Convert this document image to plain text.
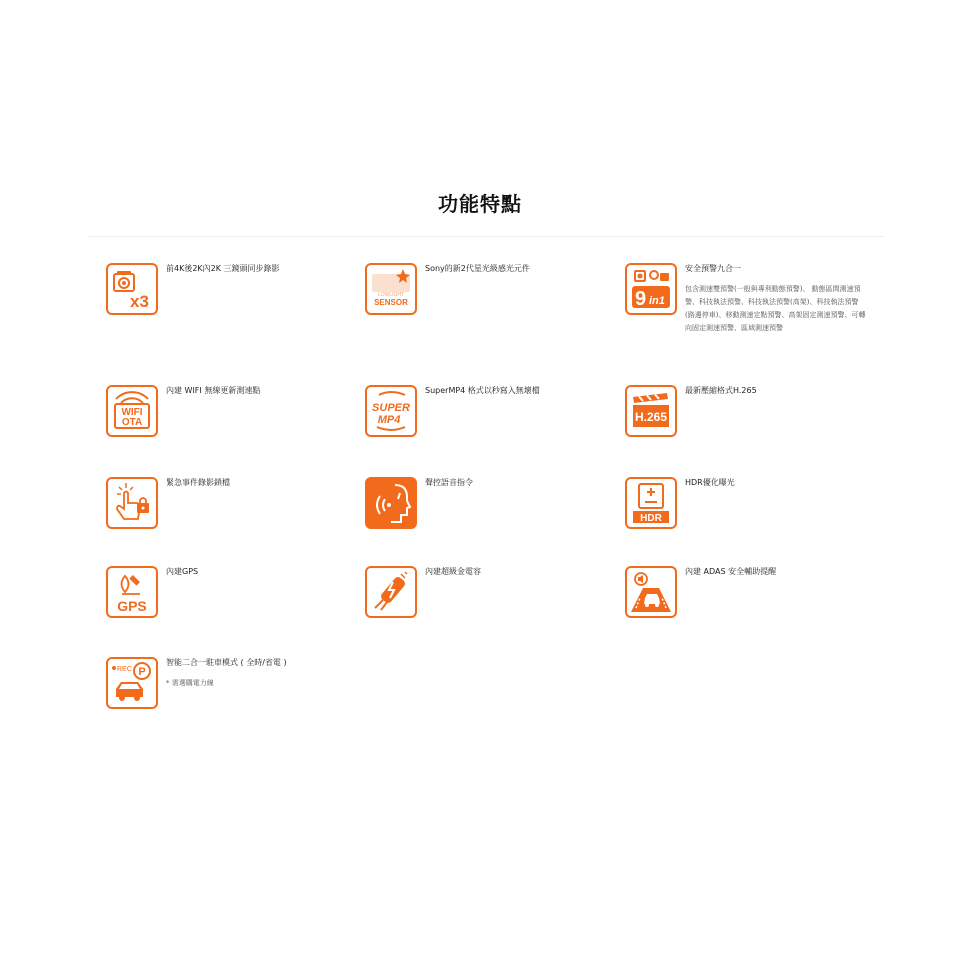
功能特點
x3
前4K後2K內2K 三鏡頭同步錄影
LOWLIGHT
SENSOR
Sony的新2代星光級感光元件
9 in1
安全預警九合一
包含測速雙預警(一般與專利動態預警)、 動態區間測速預警、科技執法預警、科技執法預警(高架)、科技執法預警(路邊停車)、移動測速定點預警、高架固定測速預警、可轉向固定測速預警、區域測速預警
WIFI
OTA
內建 WIFI 無線更新測速點
SUPER
MP4
SuperMP4 格式以秒寫入無壞檔
H.265
最新壓縮格式H.265
緊急事件錄影鎖檔	聲控語音指令
HDR
HDR優化曝光
GPS
內建GPS	內建超級金電容	內建 ADAS 安全輔助提醒
REC P
智能二合一駐車模式 ( 全時/省電 )
* 需選購電力線
